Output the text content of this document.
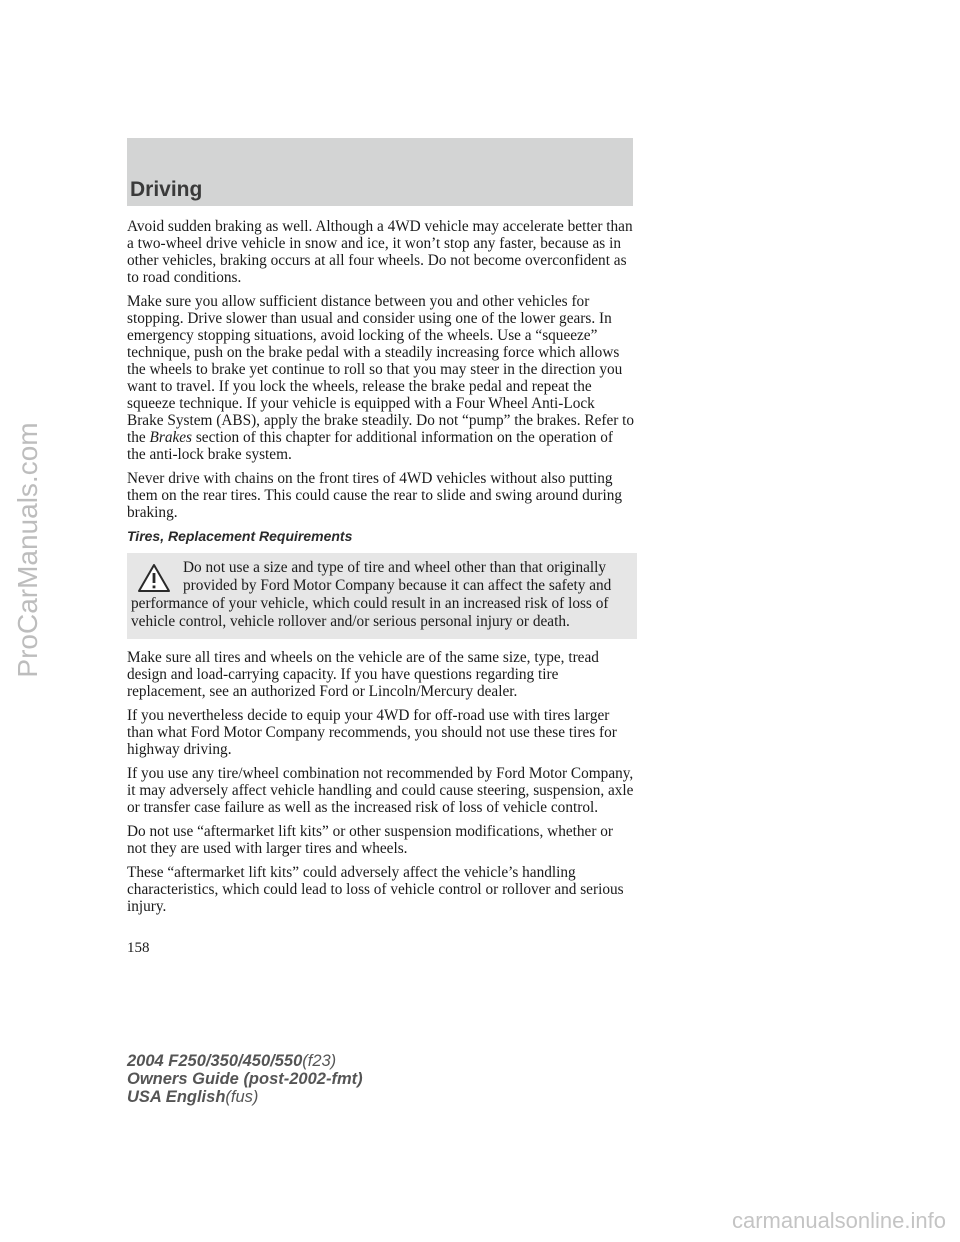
Driving

Avoid sudden braking as well. Although a 4WD vehicle may accelerate better than a two-wheel drive vehicle in snow and ice, it won’t stop any faster, because as in other vehicles, braking occurs at all four wheels. Do not become overconfident as to road conditions.

Make sure you allow sufficient distance between you and other vehicles for stopping. Drive slower than usual and consider using one of the lower gears. In emergency stopping situations, avoid locking of the wheels. Use a “squeeze” technique, push on the brake pedal with a steadily increasing force which allows the wheels to brake yet continue to roll so that you may steer in the direction you want to travel. If you lock the wheels, release the brake pedal and repeat the squeeze technique. If your vehicle is equipped with a Four Wheel Anti-Lock Brake System (ABS), apply the brake steadily. Do not “pump” the brakes. Refer to the Brakes section of this chapter for additional information on the operation of the anti-lock brake system.

Never drive with chains on the front tires of 4WD vehicles without also putting them on the rear tires. This could cause the rear to slide and swing around during braking.

Tires, Replacement Requirements
Do not use a size and type of tire and wheel other than that originally provided by Ford Motor Company because it can affect the safety and performance of your vehicle, which could result in an increased risk of loss of vehicle control, vehicle rollover and/or serious personal injury or death.

Make sure all tires and wheels on the vehicle are of the same size, type, tread design and load-carrying capacity. If you have questions regarding tire replacement, see an authorized Ford or Lincoln/Mercury dealer.

If you nevertheless decide to equip your 4WD for off-road use with tires larger than what Ford Motor Company recommends, you should not use these tires for highway driving.

If you use any tire/wheel combination not recommended by Ford Motor Company, it may adversely affect vehicle handling and could cause steering, suspension, axle or transfer case failure as well as the increased risk of loss of vehicle control.

Do not use “aftermarket lift kits” or other suspension modifications, whether or not they are used with larger tires and wheels.

These “aftermarket lift kits” could adversely affect the vehicle’s handling characteristics, which could lead to loss of vehicle control or rollover and serious injury.

158

2004 F250/350/450/550(f23)
Owners Guide (post-2002-fmt)
USA English(fus)
ProCarManuals.com
carmanualsonline.info
